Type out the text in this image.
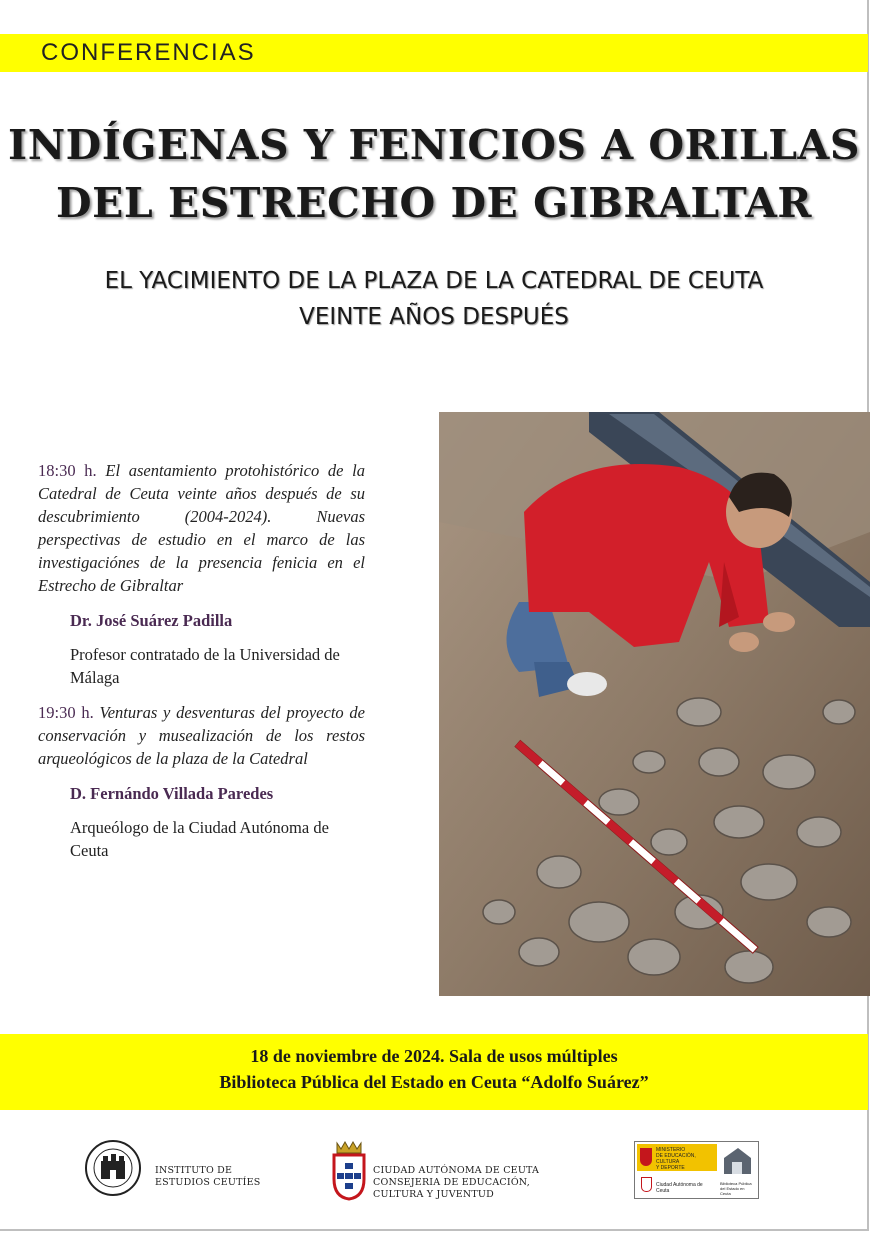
CONFERENCIAS
INDÍGENAS Y FENICIOS A ORILLAS
DEL ESTRECHO DE GIBRALTAR
EL YACIMIENTO DE LA PLAZA DE LA CATEDRAL DE CEUTA
VEINTE AÑOS DESPUÉS

18:30 h. El asentamiento protohistórico de la Catedral de Ceuta veinte años después de su descubrimiento (2004-2024). Nuevas perspectivas de estudio en el marco de las investigaciónes de la presencia fenicia en el Estrecho de Gibraltar

Dr. José Suárez Padilla

Profesor contratado de la Universidad de Málaga

19:30 h. Venturas y desventuras del proyecto de conservación y musealización de los restos arqueológicos de la plaza de la Catedral

D. Fernándo Villada Paredes

Arqueólogo de la Ciudad Autónoma de Ceuta

18 de noviembre de 2024. Sala de usos múltiples
Biblioteca Pública del Estado en Ceuta “Adolfo Suárez”
INSTITUTO DE
ESTUDIOS CEUTÍES
CIUDAD AUTÓNOMA DE CEUTA
CONSEJERIA DE EDUCACIÓN,
CULTURA Y JUVENTUD
MINISTERIO
DE EDUCACIÓN, CULTURA
Y DEPORTE
Ciudad Autónoma de Ceuta
Biblioteca Pública del Estado en Ceuta
